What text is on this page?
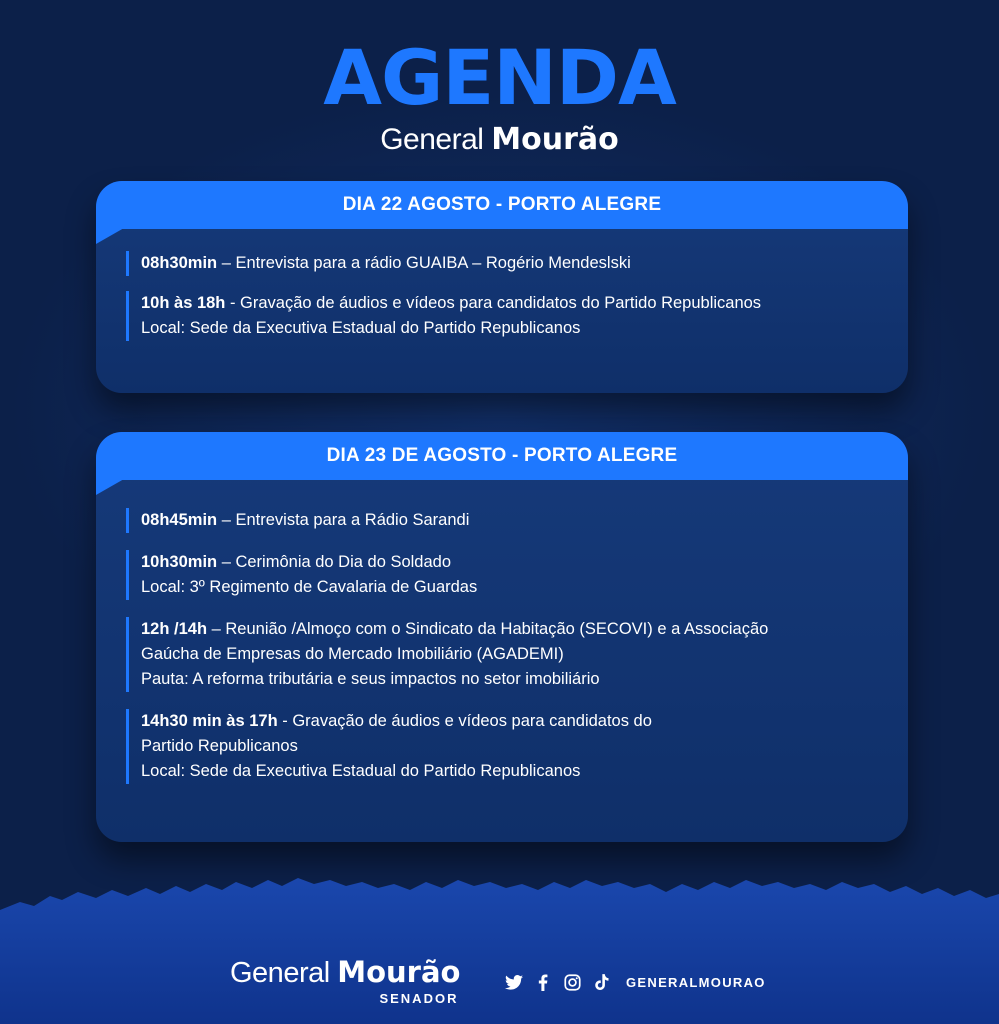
AGENDA
General Mourão
DIA 22 AGOSTO - PORTO ALEGRE
08h30min – Entrevista para a rádio GUAIBA – Rogério Mendeslski
10h às 18h - Gravação de áudios e vídeos para candidatos do Partido Republicanos
Local: Sede da Executiva Estadual do Partido Republicanos
DIA 23 DE AGOSTO - PORTO ALEGRE
08h45min – Entrevista para a Rádio Sarandi
10h30min – Cerimônia do Dia do Soldado
Local: 3º Regimento de Cavalaria de Guardas
12h /14h – Reunião /Almoço com o Sindicato da Habitação (SECOVI) e a Associação
Gaúcha de Empresas do Mercado Imobiliário (AGADEMI)
Pauta: A reforma tributária e seus impactos no setor imobiliário
14h30 min às 17h - Gravação de áudios e vídeos para candidatos do
Partido Republicanos
Local: Sede da Executiva Estadual do Partido Republicanos
General Mourão
SENADOR
GENERALMOURAO
